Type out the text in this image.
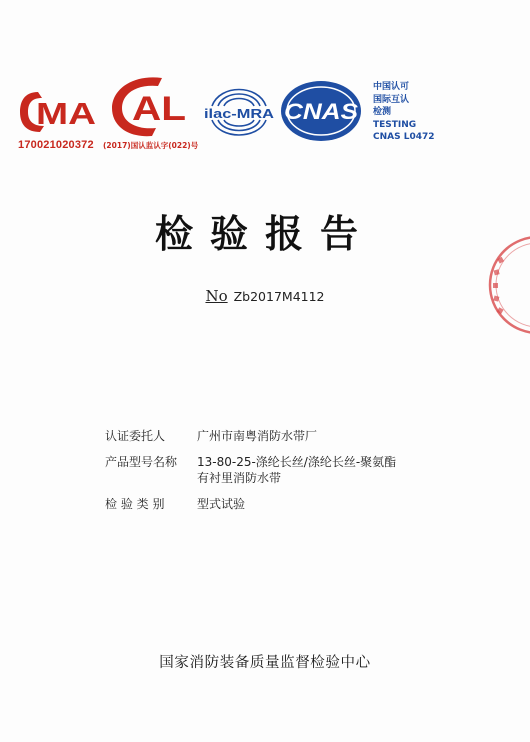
MA AL ilac-MRA CNAS
170021020372 (2017)国认监认字(022)号
中国认可
国际互认
检测
TESTING
CNAS L0472
检验报告
No Zb2017M4112
认证委托人	广州市南粤消防水带厂
产品型号名称	13-80-25-涤纶长丝/涤纶长丝-聚氨酯
有衬里消防水带
检 验 类 别	型式试验
国家消防装备质量监督检验中心
